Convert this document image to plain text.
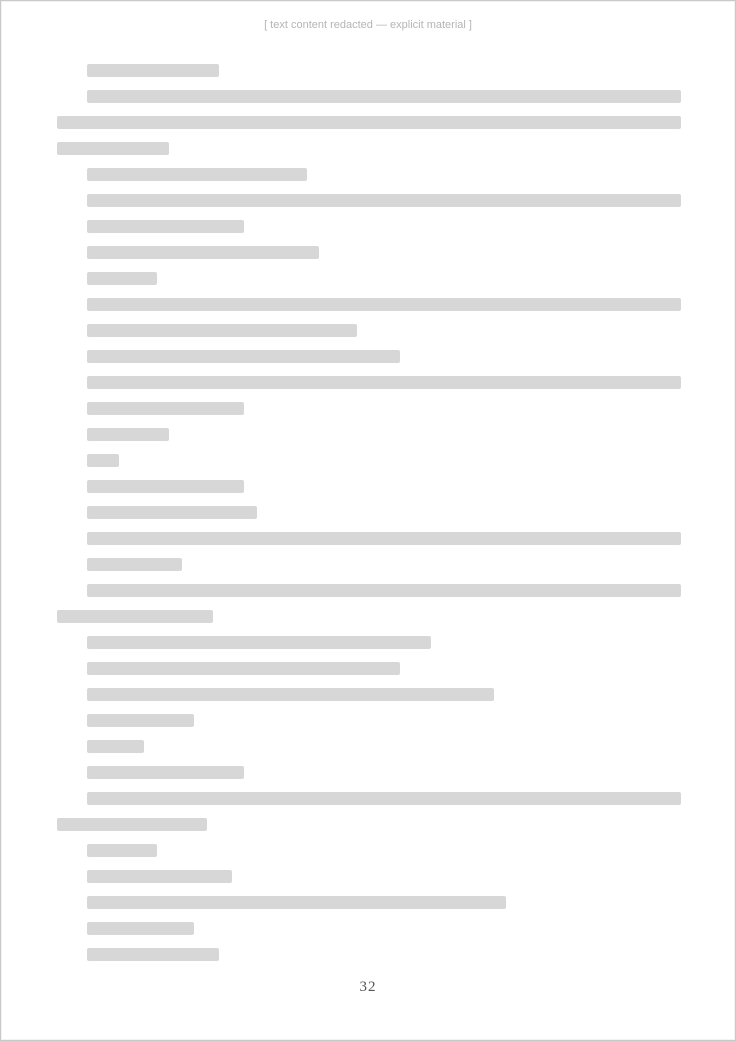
[ text content redacted — explicit material ]
32
